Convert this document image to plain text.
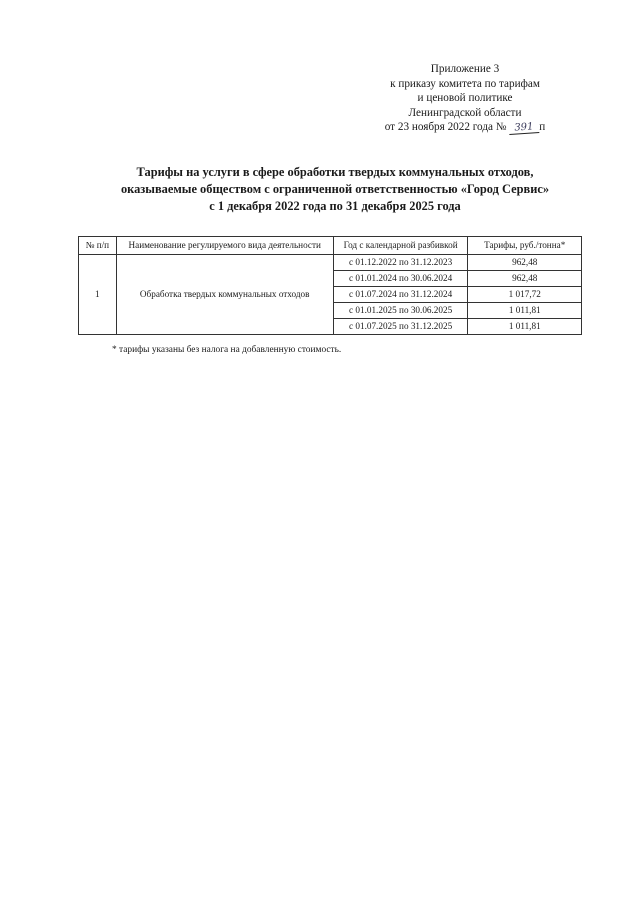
Приложение 3
к приказу комитета по тарифам
и ценовой политике
Ленинградской области
от 23 ноября 2022 года № 391 п
Тарифы на услуги в сфере обработки твердых коммунальных отходов,
оказываемые обществом с ограниченной ответственностью «Город Сервис»
с 1 декабря 2022 года по 31 декабря 2025 года
№ п/п	Наименование регулируемого вида деятельности	Год с календарной разбивкой	Тарифы, руб./тонна*
1	Обработка твердых коммунальных отходов	с 01.12.2022 по 31.12.2023	962,48
		с 01.01.2024 по 30.06.2024	962,48
		с 01.07.2024 по 31.12.2024	1 017,72
		с 01.01.2025 по 30.06.2025	1 011,81
		с 01.07.2025 по 31.12.2025	1 011,81
* тарифы указаны без налога на добавленную стоимость.
